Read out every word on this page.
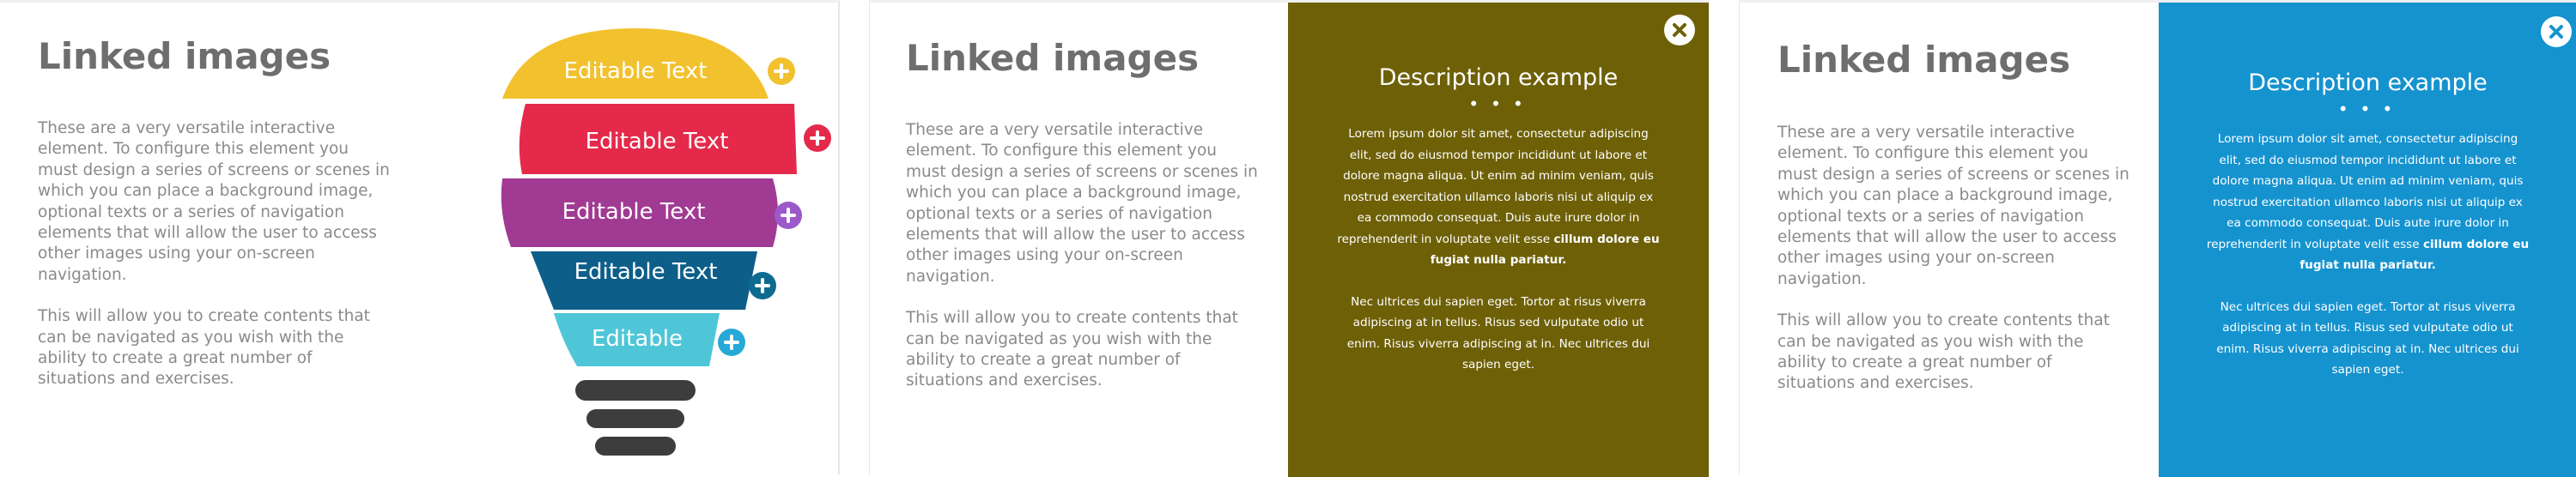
Linked images

These are a very versatile interactive element. To configure this element you must design a series of screens or scenes in which you can place a background image, optional texts or a series of navigation elements that will allow the user to access other images using your on-screen navigation.

This will allow you to create contents that can be navigated as you wish with the ability to create a great number of situations and exercises.

Editable Text
Editable Text
Editable Text
Editable Text
Editable
Linked images

These are a very versatile interactive element. To configure this element you must design a series of screens or scenes in which you can place a background image, optional texts or a series of navigation elements that will allow the user to access other images using your on-screen navigation.

This will allow you to create contents that can be navigated as you wish with the ability to create a great number of situations and exercises.

Description example
• • •

Lorem ipsum dolor sit amet, consectetur adipiscing
elit, sed do eiusmod tempor incididunt ut labore et
dolore magna aliqua. Ut enim ad minim veniam, quis
nostrud exercitation ullamco laboris nisi ut aliquip ex
ea commodo consequat. Duis aute irure dolor in
reprehenderit in voluptate velit esse cillum dolore eu
fugiat nulla pariatur.

Nec ultrices dui sapien eget. Tortor at risus viverra
adipiscing at in tellus. Risus sed vulputate odio ut
enim. Risus viverra adipiscing at in. Nec ultrices dui
sapien eget.

Linked images

These are a very versatile interactive element. To configure this element you must design a series of screens or scenes in which you can place a background image, optional texts or a series of navigation elements that will allow the user to access other images using your on-screen navigation.

This will allow you to create contents that can be navigated as you wish with the ability to create a great number of situations and exercises.

Description example
• • •

Lorem ipsum dolor sit amet, consectetur adipiscing
elit, sed do eiusmod tempor incididunt ut labore et
dolore magna aliqua. Ut enim ad minim veniam, quis
nostrud exercitation ullamco laboris nisi ut aliquip ex
ea commodo consequat. Duis aute irure dolor in
reprehenderit in voluptate velit esse cillum dolore eu
fugiat nulla pariatur.

Nec ultrices dui sapien eget. Tortor at risus viverra
adipiscing at in tellus. Risus sed vulputate odio ut
enim. Risus viverra adipiscing at in. Nec ultrices dui
sapien eget.
